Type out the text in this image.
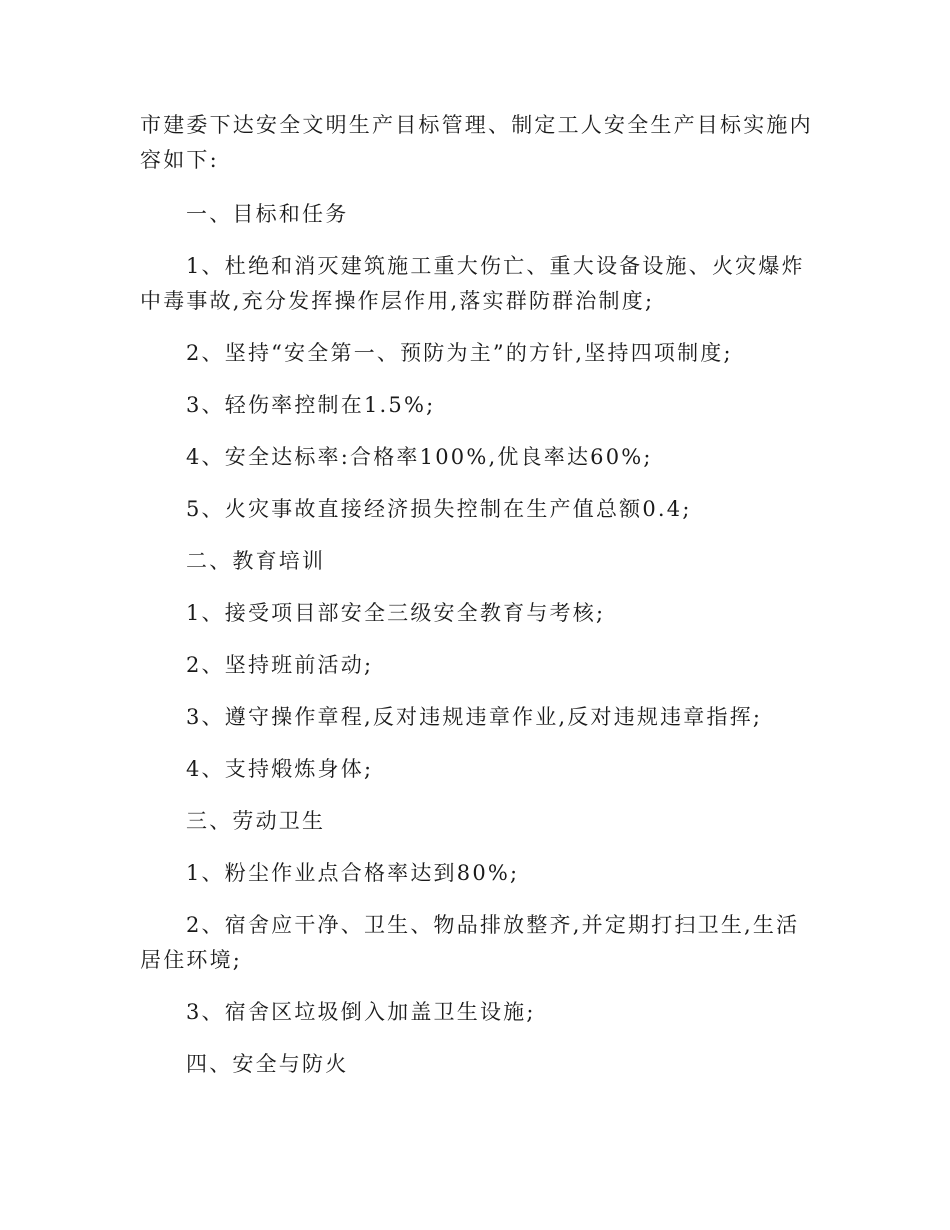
市建委下达安全文明生产目标管理、制定工人安全生产目标实施内容如下:

一、目标和任务

1、杜绝和消灭建筑施工重大伤亡、重大设备设施、火灾爆炸中毒事故,充分发挥操作层作用,落实群防群治制度;

2、坚持“安全第一、预防为主”的方针,坚持四项制度;

3、轻伤率控制在1.5%;

4、安全达标率:合格率100%,优良率达60%;

5、火灾事故直接经济损失控制在生产值总额0.4;

二、教育培训

1、接受项目部安全三级安全教育与考核;

2、坚持班前活动;

3、遵守操作章程,反对违规违章作业,反对违规违章指挥;

4、支持煅炼身体;

三、劳动卫生

1、粉尘作业点合格率达到80%;

2、宿舍应干净、卫生、物品排放整齐,并定期打扫卫生,生活居住环境;

3、宿舍区垃圾倒入加盖卫生设施;

四、安全与防火
